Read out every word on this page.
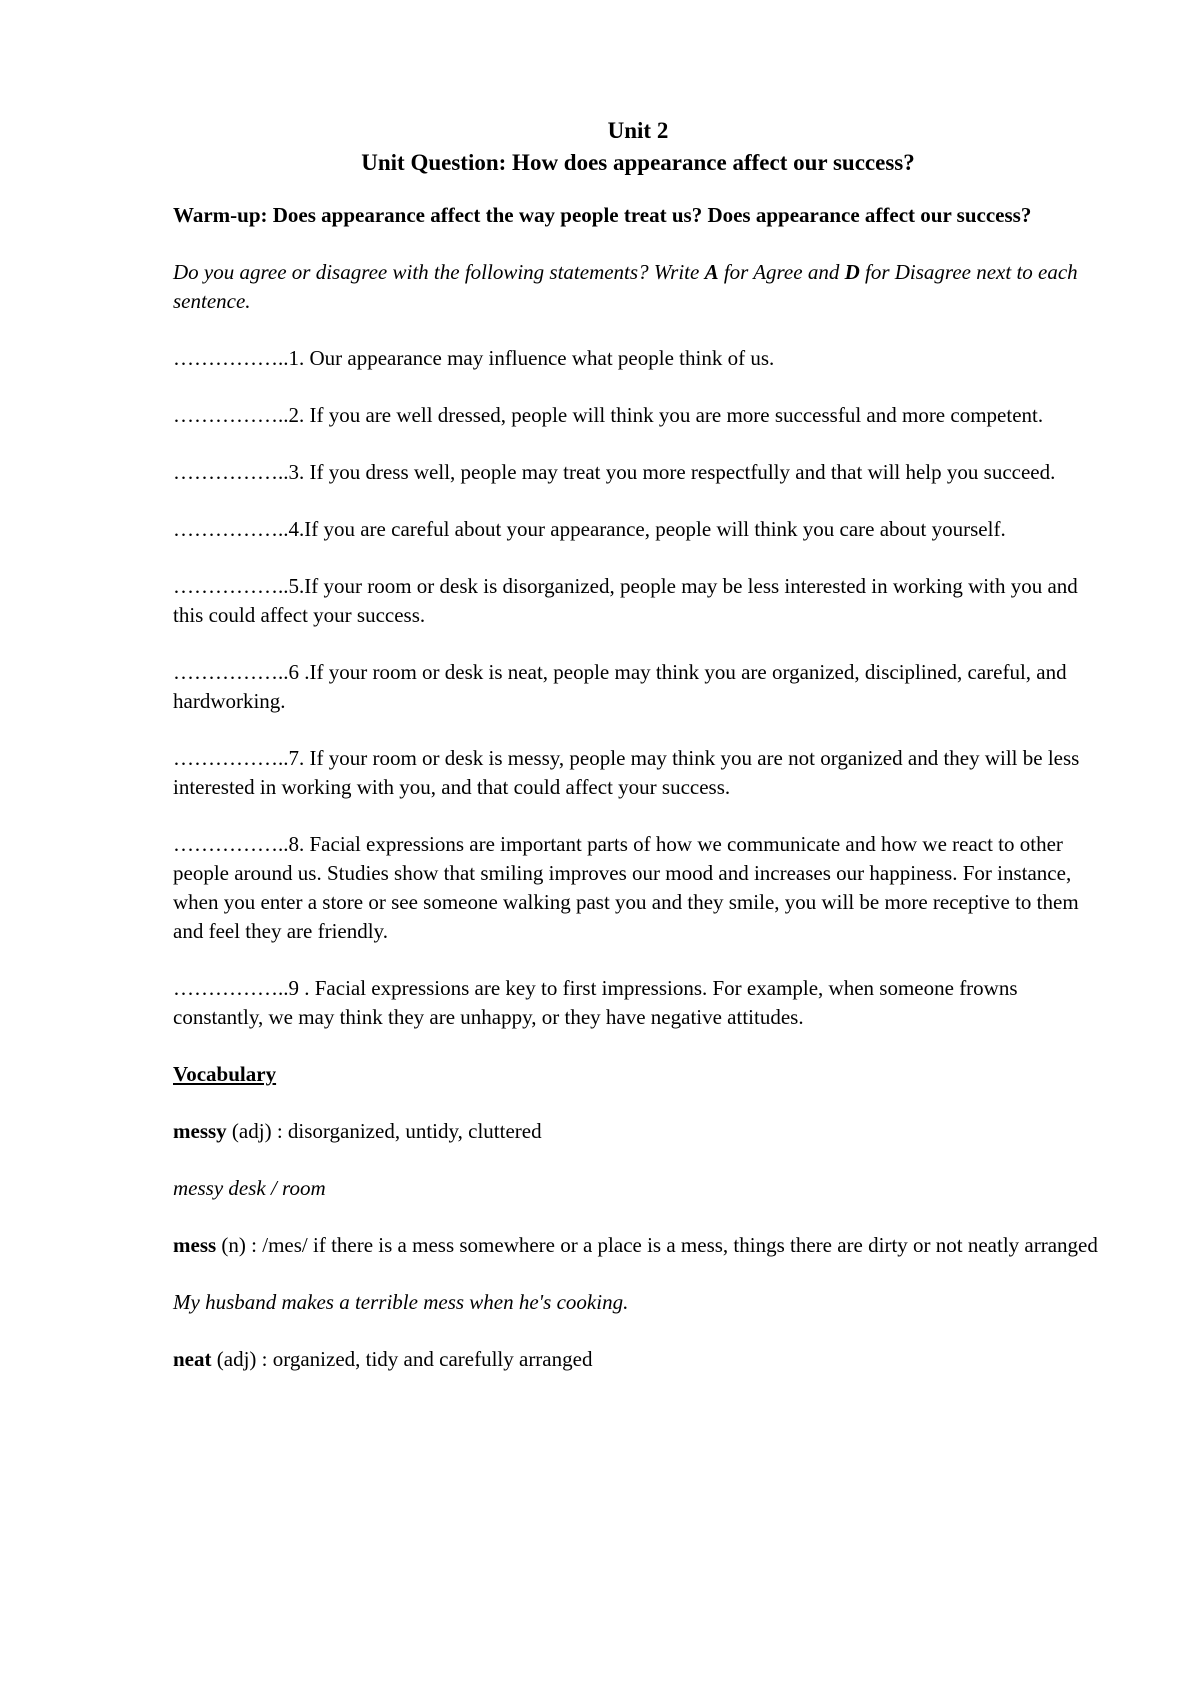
Unit 2

Unit Question: How does appearance affect our success?

Warm-up: Does appearance affect the way people treat us? Does appearance affect our success?

Do you agree or disagree with the following statements? Write A for Agree and D for Disagree next to each sentence.

……………..1. Our appearance may influence what people think of us.

……………..2. If you are well dressed, people will think you are more successful and more competent.

……………..3. If you dress well, people may treat you more respectfully and that will help you succeed.

……………..4.If you are careful about your appearance, people will think you care about yourself.

……………..5.If your room or desk is disorganized, people may be less interested in working with you and this could affect your success.

……………..6 .If your room or desk is neat, people may think you are organized, disciplined, careful, and hardworking.

……………..7. If your room or desk is messy, people may think you are not organized and they will be less interested in working with you, and that could affect your success.

……………..8. Facial expressions are important parts of how we communicate and how we react to other people around us. Studies show that smiling improves our mood and increases our happiness. For instance, when you enter a store or see someone walking past you and they smile, you will be more receptive to them and feel they are friendly.

……………..9 . Facial expressions are key to first impressions. For example, when someone frowns constantly, we may think they are unhappy, or they have negative attitudes.

Vocabulary

messy (adj) : disorganized, untidy, cluttered

messy desk / room

mess (n) : /mes/ if there is a mess somewhere or a place is a mess, things there are dirty or not neatly arranged

My husband makes a terrible mess when he's cooking.

neat (adj) : organized, tidy and carefully arranged
